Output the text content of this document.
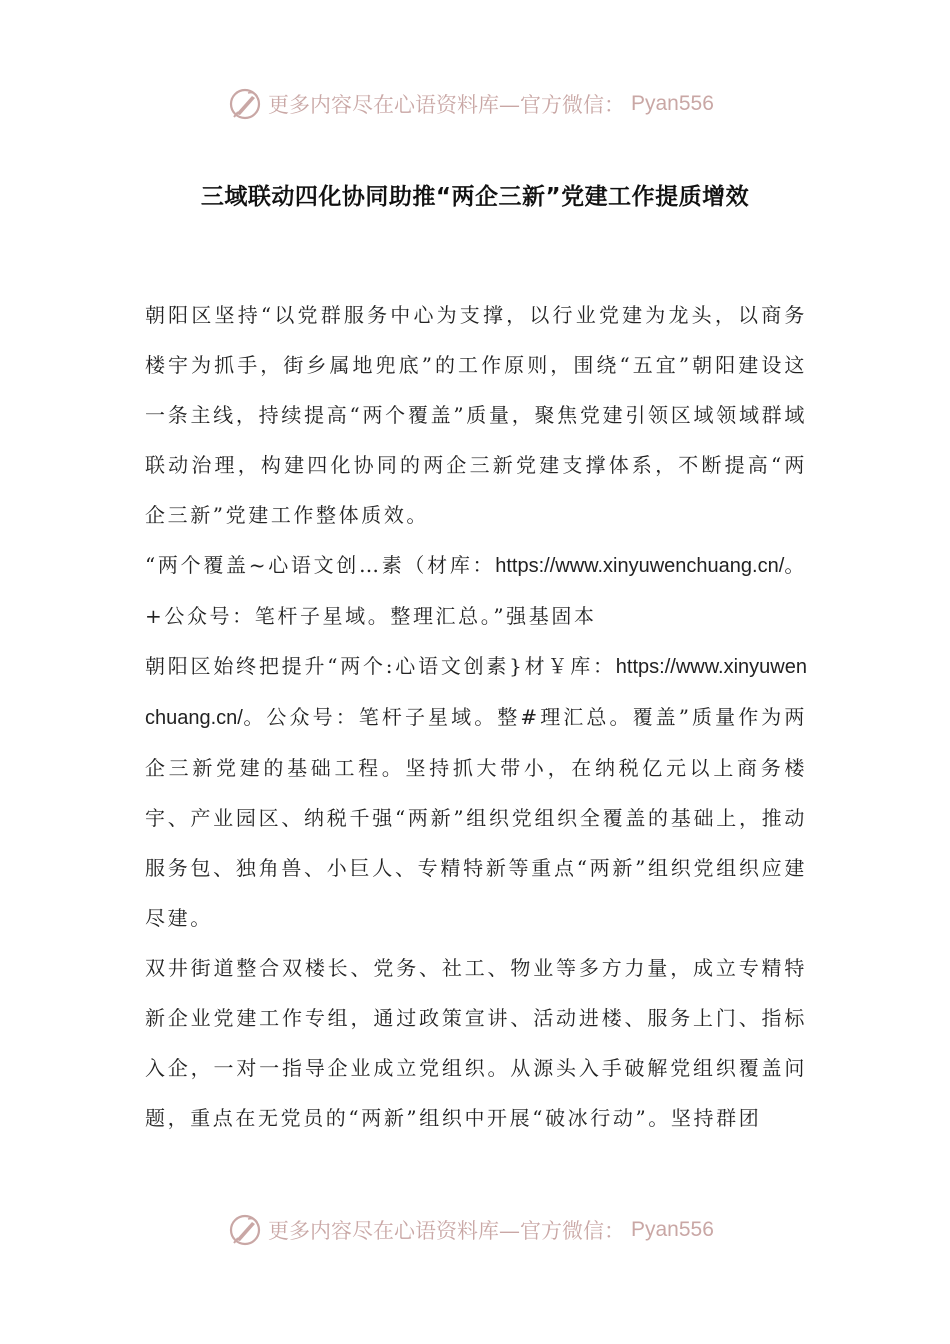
更多内容尽在心语资料库—官方微信： Pyan556
三域联动四化协同助推“两企三新”党建工作提质增效

朝阳区坚持“以党群服务中心为支撑，以行业党建为龙头，以商务楼宇为抓手，街乡属地兜底”的工作原则，围绕“五宜”朝阳建设这一条主线，持续提高“两个覆盖”质量，聚焦党建引领区域领域群域联动治理，构建四化协同的两企三新党建支撑体系，不断提高“两企三新”党建工作整体质效。

“两个覆盖~心语文创…素（材库：https://www.xinyuwenchuang.cn/。+公众号：笔杆子星域。整理汇总。”强基固本

朝阳区始终把提升“两个:心语文创素}材￥库：https://www.xinyuwenchuang.cn/。公众号：笔杆子星域。整#理汇总。覆盖”质量作为两企三新党建的基础工程。坚持抓大带小，在纳税亿元以上商务楼宇、产业园区、纳税千强“两新”组织党组织全覆盖的基础上，推动服务包、独角兽、小巨人、专精特新等重点“两新”组织党组织应建尽建。

双井街道整合双楼长、党务、社工、物业等多方力量，成立专精特新企业党建工作专组，通过政策宣讲、活动进楼、服务上门、指标入企，一对一指导企业成立党组织。从源头入手破解党组织覆盖问题，重点在无党员的“两新”组织中开展“破冰行动”。坚持群团

更多内容尽在心语资料库—官方微信： Pyan556
